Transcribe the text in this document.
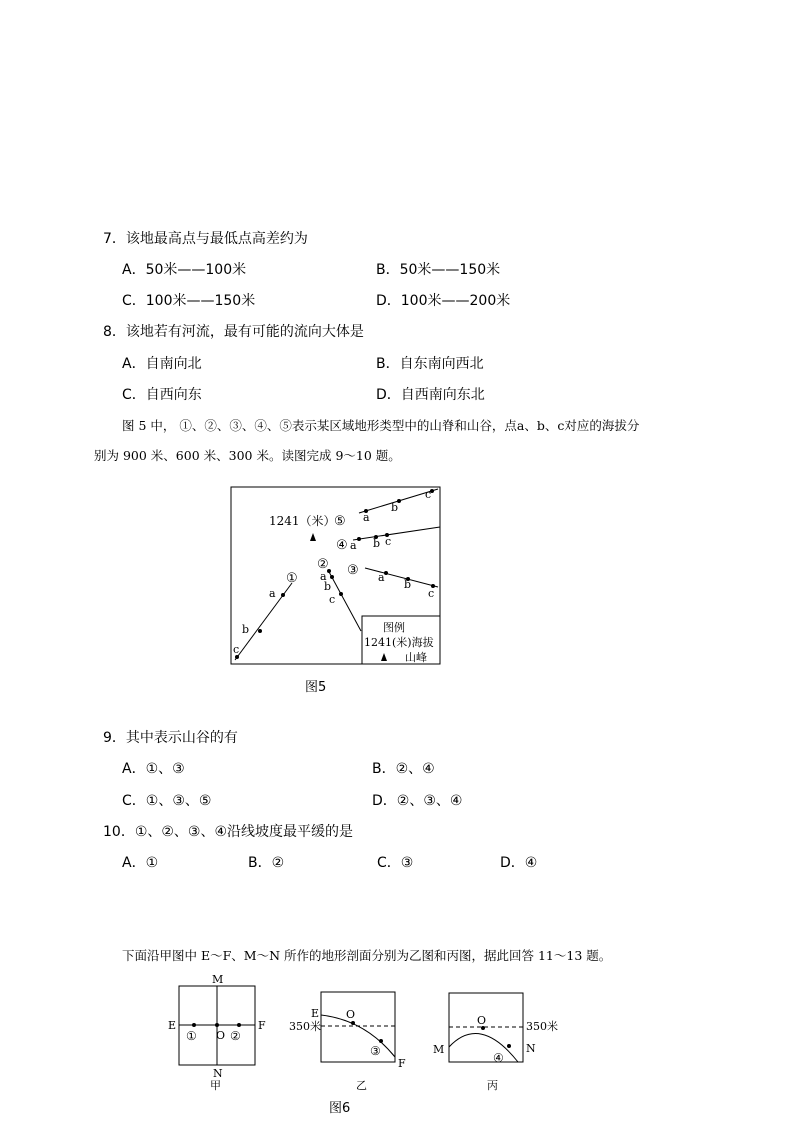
7．该地最高点与最低点高差约为
A．50米——100米	B．50米——150米
C．100米——150米	D．100米——200米
8．该地若有河流，最有可能的流向大体是
A．自南向北	B．自东南向西北
C．自西向东	D．自西南向东北
图 5 中， ①、②、③、④、⑤表示某区域地形类型中的山脊和山谷，点a、b、c对应的海拔分
别为 900 米、600 米、300 米。读图完成 9～10 题。
a
b
c
① a
b
c
②
a
b
c
③
a b c
④
a
b
c
⑤
1241（米）
图例
1241(米)海拔
山峰
图5
9．其中表示山谷的有
A．①、③	B．②、④
C．①、③、⑤	D．②、③、④
10．①、②、③、④沿线坡度最平缓的是
A．①	B．②	C．③	D．④
下面沿甲图中 E～F、M～N 所作的地形剖面分别为乙图和丙图，据此回答 11～13 题。
M
N
E	F
① O ②
甲
E
350米
O
③
F
乙
O	350米
M
④
N
丙
图6
